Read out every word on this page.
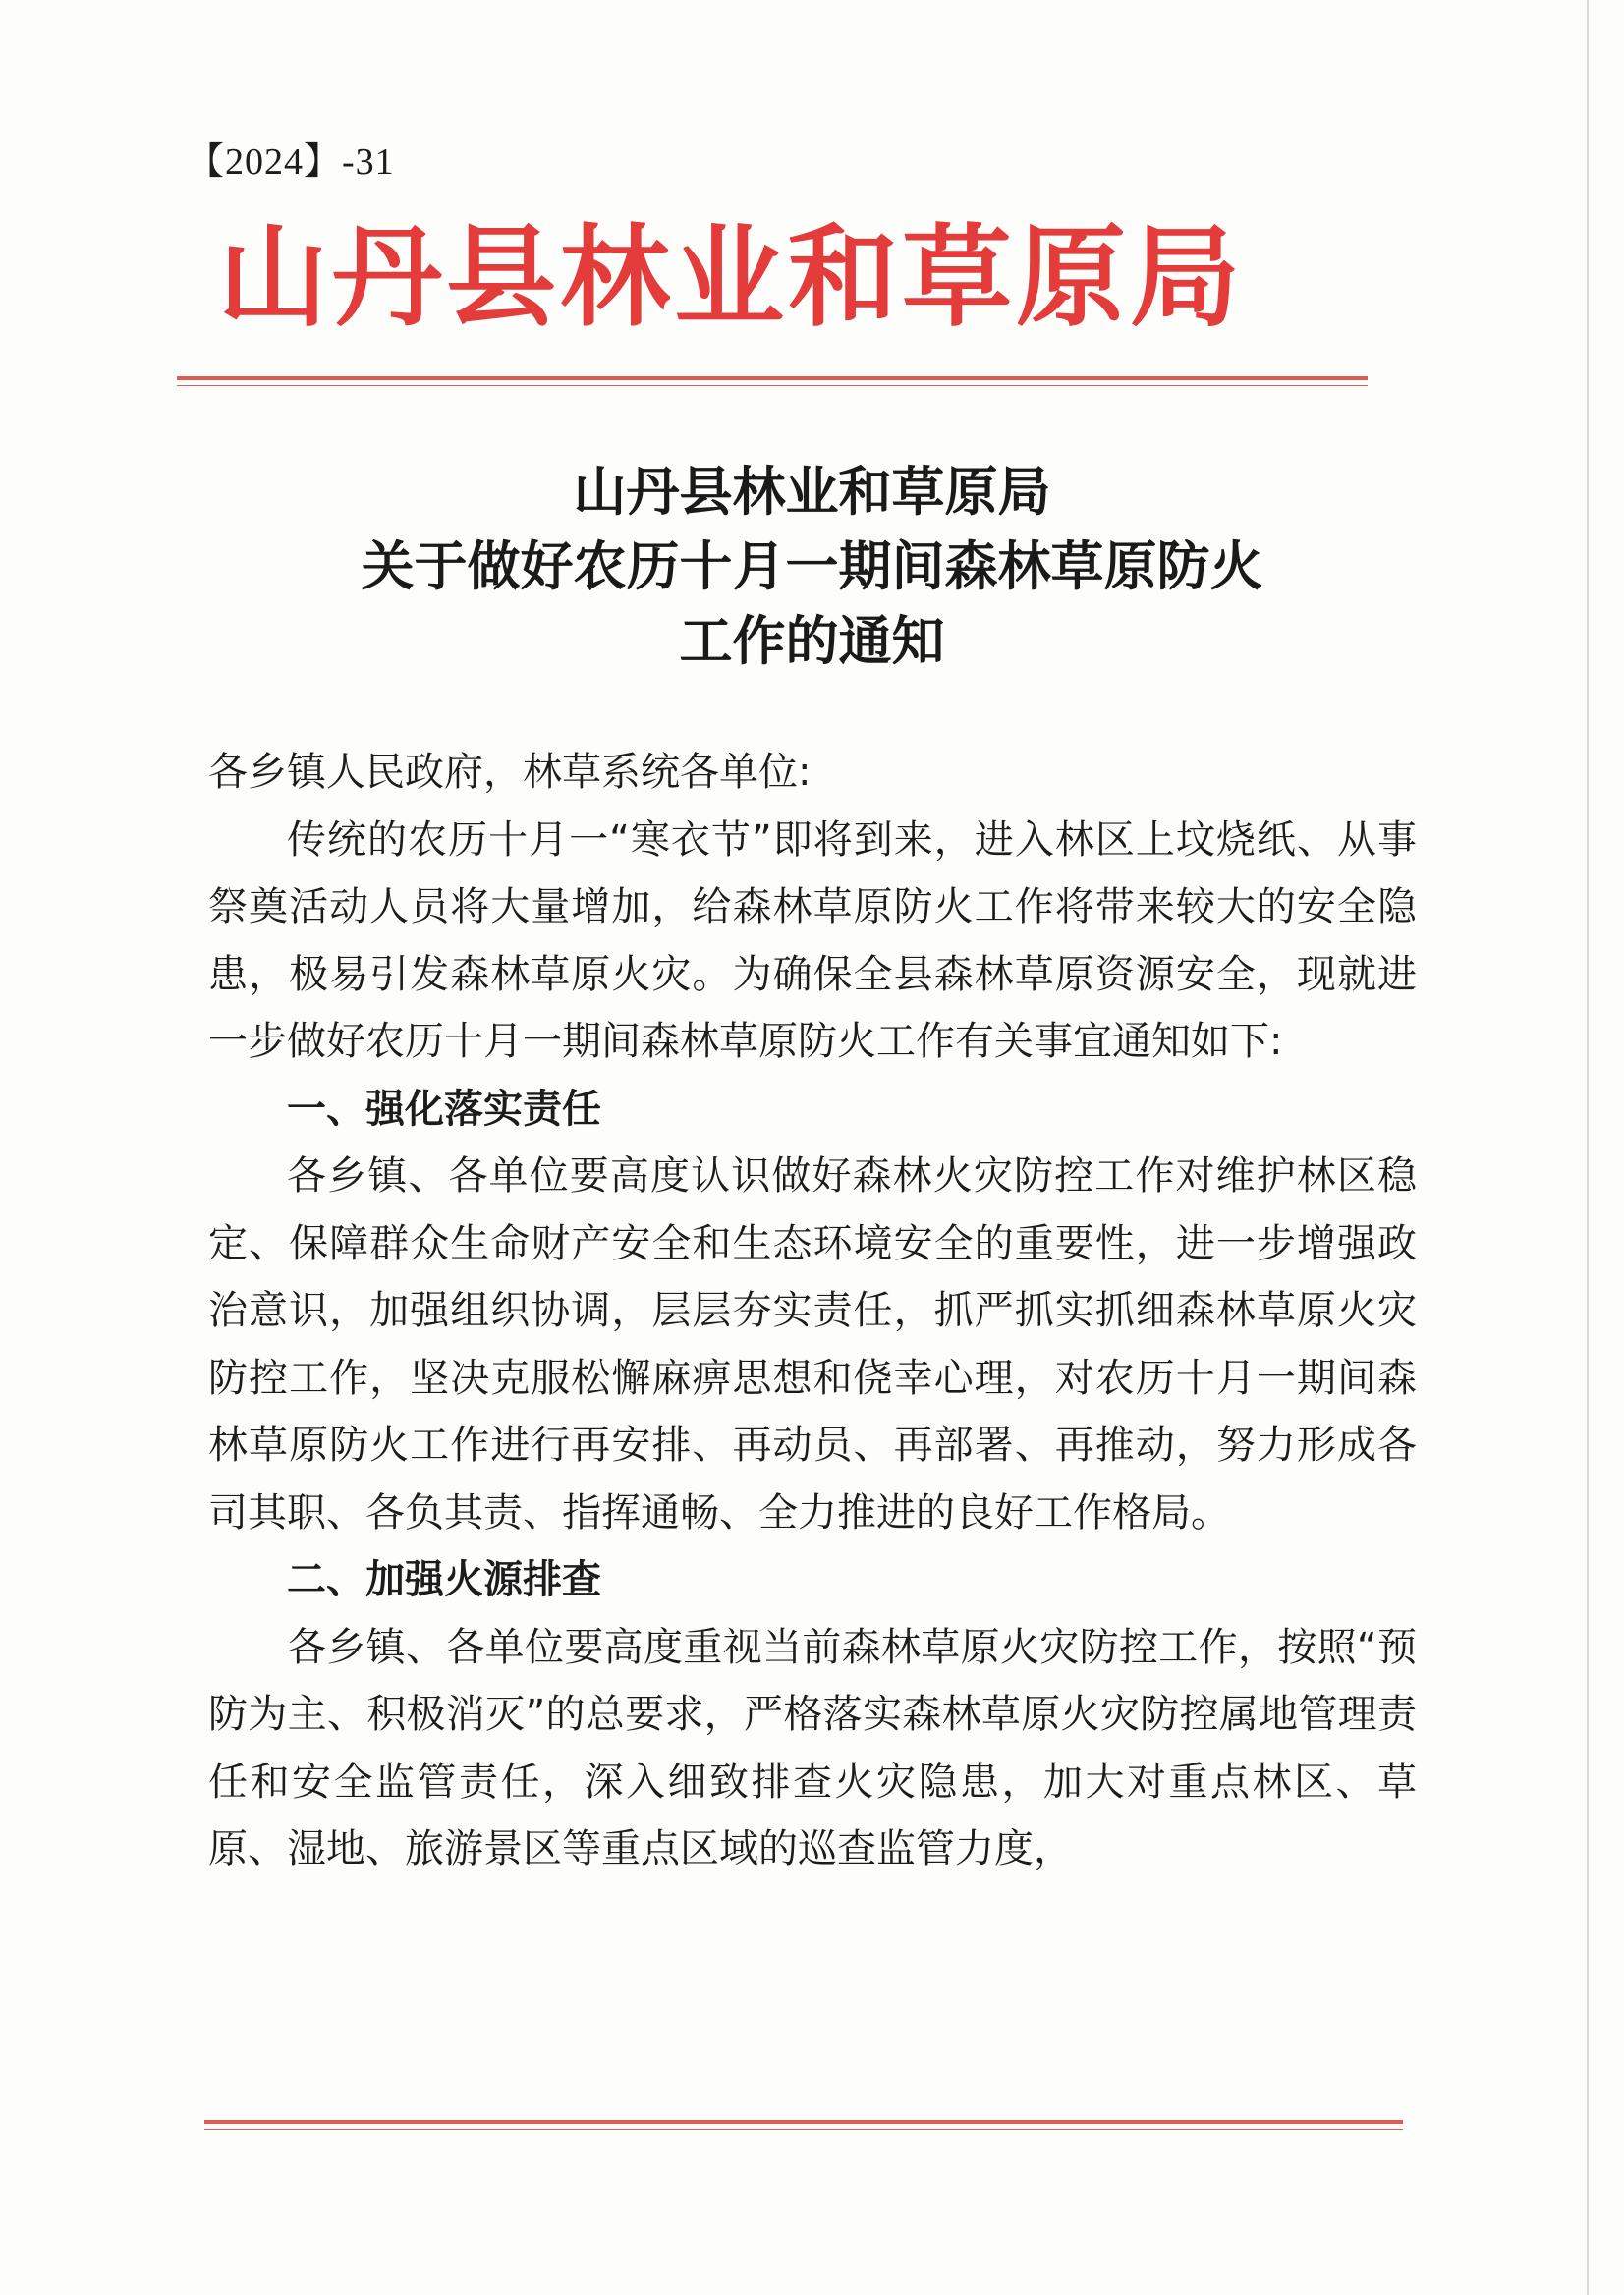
【2024】-31
山丹县林业和草原局
山丹县林业和草原局
关于做好农历十月一期间森林草原防火
工作的通知
各乡镇人民政府，林草系统各单位:
传统的农历十月一“寒衣节”即将到来，进入林区上坟烧纸、从事祭奠活动人员将大量增加，给森林草原防火工作将带来较大的安全隐患，极易引发森林草原火灾。为确保全县森林草原资源安全，现就进一步做好农历十月一期间森林草原防火工作有关事宜通知如下:
一、强化落实责任
各乡镇、各单位要高度认识做好森林火灾防控工作对维护林区稳定、保障群众生命财产安全和生态环境安全的重要性，进一步增强政治意识，加强组织协调，层层夯实责任，抓严抓实抓细森林草原火灾防控工作，坚决克服松懈麻痹思想和侥幸心理，对农历十月一期间森林草原防火工作进行再安排、再动员、再部署、再推动，努力形成各司其职、各负其责、指挥通畅、全力推进的良好工作格局。
二、加强火源排查
各乡镇、各单位要高度重视当前森林草原火灾防控工作，按照“预防为主、积极消灭”的总要求，严格落实森林草原火灾防控属地管理责任和安全监管责任，深入细致排查火灾隐患，加大对重点林区、草原、湿地、旅游景区等重点区域的巡查监管力度，
